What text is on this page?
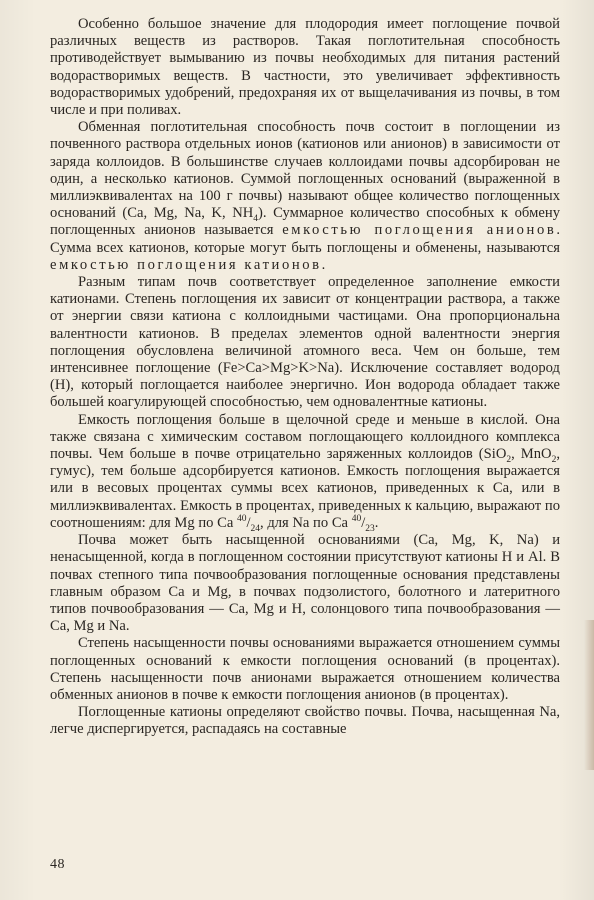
Особенно большое значение для плодородия имеет поглощение почвой различных веществ из растворов. Такая поглотительная способность противодействует вымыванию из почвы необходимых для питания растений водорастворимых веществ. В частности, это увеличивает эффективность водорастворимых удобрений, предохраняя их от выщелачивания из почвы, в том числе и при поливах.

Обменная поглотительная способность почв состоит в поглощении из почвенного раствора отдельных ионов (катионов или анионов) в зависимости от заряда коллоидов. В большинстве случаев коллоидами почвы адсорбирован не один, а несколько катионов. Суммой поглощенных оснований (выраженной в миллиэквивалентах на 100 г почвы) называют общее количество поглощенных оснований (Ca, Mg, Na, K, $NH_4$). Суммарное количество способных к обмену поглощенных анионов называется емкостью поглощения анионов. Сумма всех катионов, которые могут быть поглощены и обменены, называются емкостью поглощения катионов.

Разным типам почв соответствует определенное заполнение емкости катионами. Степень поглощения их зависит от концентрации раствора, а также от энергии связи катиона с коллоидными частицами. Она пропорциональна валентности катионов. В пределах элементов одной валентности энергия поглощения обусловлена величиной атомного веса. Чем он больше, тем интенсивнее поглощение (Fe>Ca>Mg>K>Na). Исключение составляет водород (H), который поглощается наиболее энергично. Ион водорода обладает также большей коагулирующей способностью, чем одновалентные катионы.

Емкость поглощения больше в щелочной среде и меньше в кислой. Она также связана с химическим составом поглощающего коллоидного комплекса почвы. Чем больше в почве отрицательно заряженных коллоидов (SiO$_2$, MnO$_2$, гумус), тем больше адсорбируется катионов. Емкость поглощения выражается или в весовых процентах суммы всех катионов, приведенных к Ca, или в миллиэквивалентах. Емкость в процентах, приведенных к кальцию, выражают по соотношениям: для Mg по Ca $^{40}/_{24}$, для Na по Ca $^{40}/_{23}$.

Почва может быть насыщенной основаниями (Ca, Mg, K, Na) и ненасыщенной, когда в поглощенном состоянии присутствуют катионы H и Al. В почвах степного типа почвообразования поглощенные основания представлены главным образом Ca и Mg, в почвах подзолистого, болотного и латеритного типов почвообразования — Ca, Mg и H, солонцового типа почвообразования — Ca, Mg и Na.

Степень насыщенности почвы основаниями выражается отношением суммы поглощенных оснований к емкости поглощения оснований (в процентах). Степень насыщенности почв анионами выражается отношением количества обменных анионов в почве к емкости поглощения анионов (в процентах).

Поглощенные катионы определяют свойство почвы. Почва, насыщенная Na, легче диспергируется, распадаясь на составные

48
